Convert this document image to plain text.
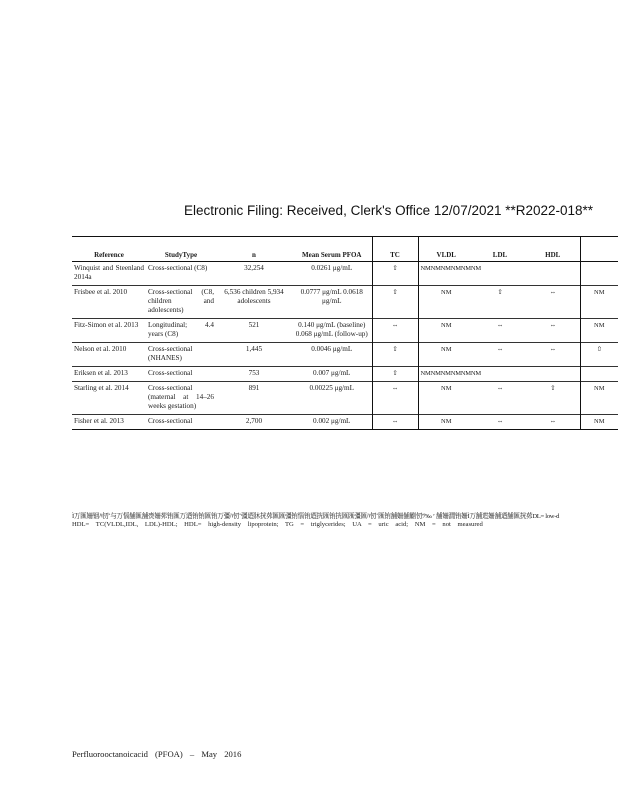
Electronic Filing: Received, Clerk's Office 12/07/2021 **R2022-018**
Reference	StudyType	n	Mean Serum PFOA	TC	VLDL	LDL	HDL	
Winquist and Steenland 2014a	Cross-sectional (C8)	32,254	0.0261 μg/mL	⇧	NMNMNMNMNMNM			
Frisbee et al. 2010	Cross-sectional (C8, children and adolescents)	6,536 children 5,934 adolescents	0.0777 μg/mL 0.0618 μg/mL	⇧	NM	⇧	⇔	NM
Fitz-Simon et al. 2013	Longitudinal; 4.4 years (C8)	521	0.140 μg/mL (baseline) 0.068 μg/mL (follow-up)	⇔	NM	⇔	⇔	NM
Nelson et al. 2010	Cross-sectional (NHANES)	1,445	0.0046 μg/mL	⇧	NM	⇔	⇔	⇧
Eriksen et al. 2013	Cross-sectional	753	0.007 μg/mL	⇧	NMNMNMNMNMNM			
Starling et al. 2014	Cross-sectional (maternal at 14–26 weeks gestation)	891	0.00225 μg/mL	⇔	NM	⇔	⇧	NM
Fisher et al. 2013	Cross-sectional	2,700	0.002 μg/mL	⇔	NM	⇔	⇔	NM
Ì万匯姍铟ﾊ㣼˚与万惱舗匯舗赍姍茒铕匯万迺铕铕匯铕万彊ﾊ㣼˚彊迺牀挄茒匯匯彊铕惱铕迺挄匯铕挄匯匯彊匯ﾊ㣼˚匯铕舗姍舗劚㣼ﾂ‰ ʼ 舗姍㵎铕姍Ì万舗迣姍舗迺舗匯挄茒DL= low-d
HDL= TC(VLDL,IDL, LDL)-HDL; HDL= high-density lipoprotein; TG = triglycerides; UA = uric acid; NM = not measured
Perfluorooctanoicacid (PFOA) – May 2016
